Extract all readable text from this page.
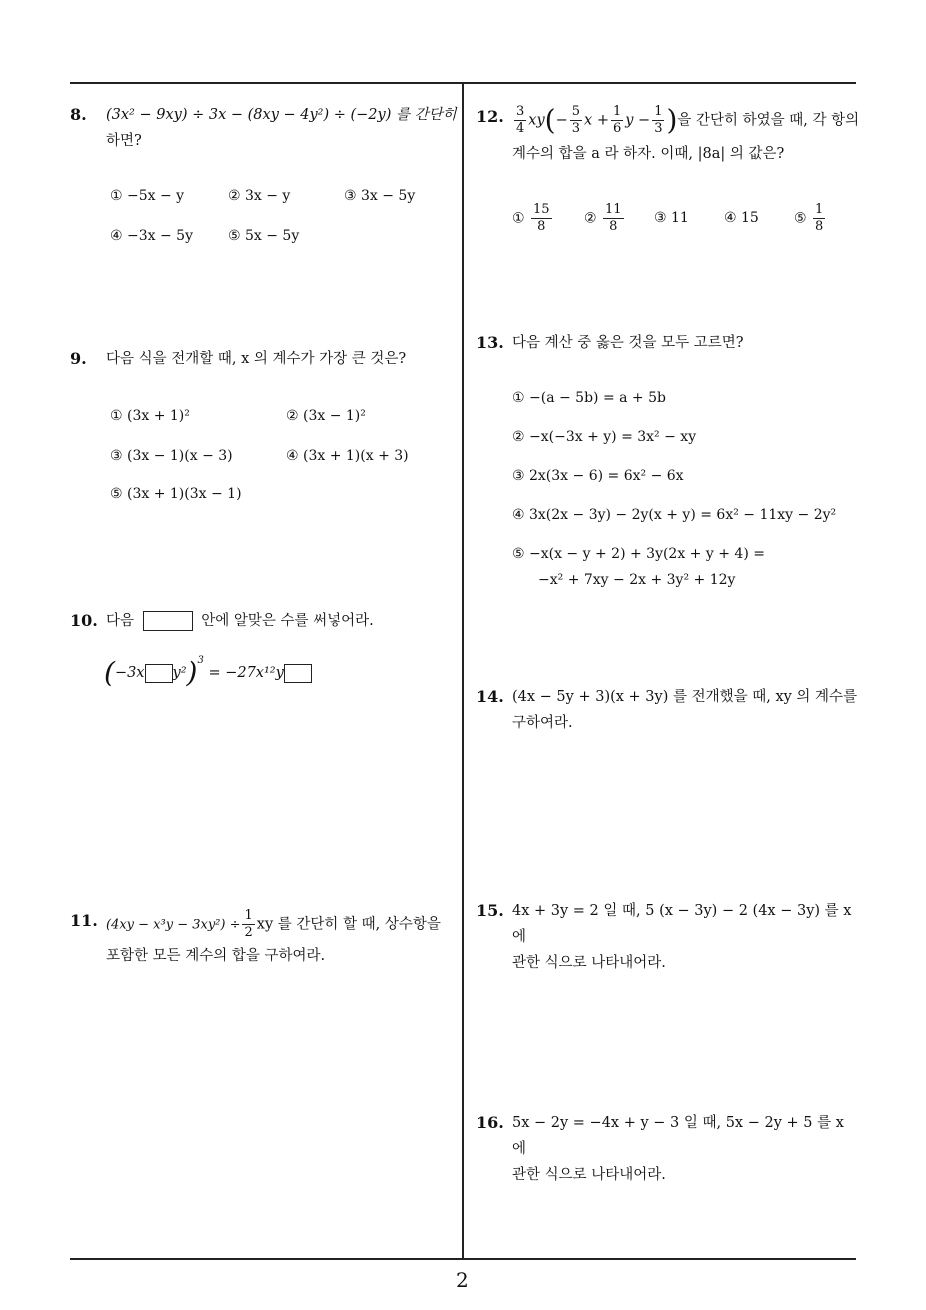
8. (3x² − 9xy) ÷ 3x − (8xy − 4y²) ÷ (−2y) 를 간단히
하면?
① −5x − y	② 3x − y	③ 3x − 5y
④ −3x − 5y	⑤ 5x − 5y
9. 다음 식을 전개할 때, x 의 계수가 가장 큰 것은?
① (3x + 1)²	② (3x − 1)²
③ (3x − 1)(x − 3)	④ (3x + 1)(x + 3)
⑤ (3x + 1)(3x − 1)
10. 다음	안에 알맞은 수를 써넣어라.
(−3x y²)$^3$ = −27x¹²y
11. $(4xy - x^3y - 3xy^2) \div \frac{1}{2}$ xy 를 간단히 할 때, 상수항을
포함한 모든 계수의 합을 구하여라.
12. $\frac{3}{4} xy(- \frac{5}{3}$ $x + \frac{1}{6}$ $y - \frac{1}{3}$ )을 간단히 하였을 때, 각 항의
계수의 합을 a 라 하자. 이때, |8a| 의 값은?
① $\frac{15}{8}$ ② $\frac{11}{8}$ ③ 11	④ 15	⑤ $\frac{1}{8}$
13. 다음 계산 중 옳은 것을 모두 고르면?
① −(a − 5b) = a + 5b
② −x(−3x + y) = 3x² − xy
③ 2x(3x − 6) = 6x² − 6x
④ 3x(2x − 3y) − 2y(x + y) = 6x² − 11xy − 2y²
⑤ −x(x − y + 2) + 3y(2x + y + 4) =
−x² + 7xy − 2x + 3y² + 12y
14. (4x − 5y + 3)(x + 3y) 를 전개했을 때, xy 의 계수를
구하여라.
15. 4x + 3y = 2 일 때, 5 (x − 3y) − 2 (4x − 3y) 를 x 에
관한 식으로 나타내어라.
16. 5x − 2y = −4x + y − 3 일 때, 5x − 2y + 5 를 x 에
관한 식으로 나타내어라.
2
